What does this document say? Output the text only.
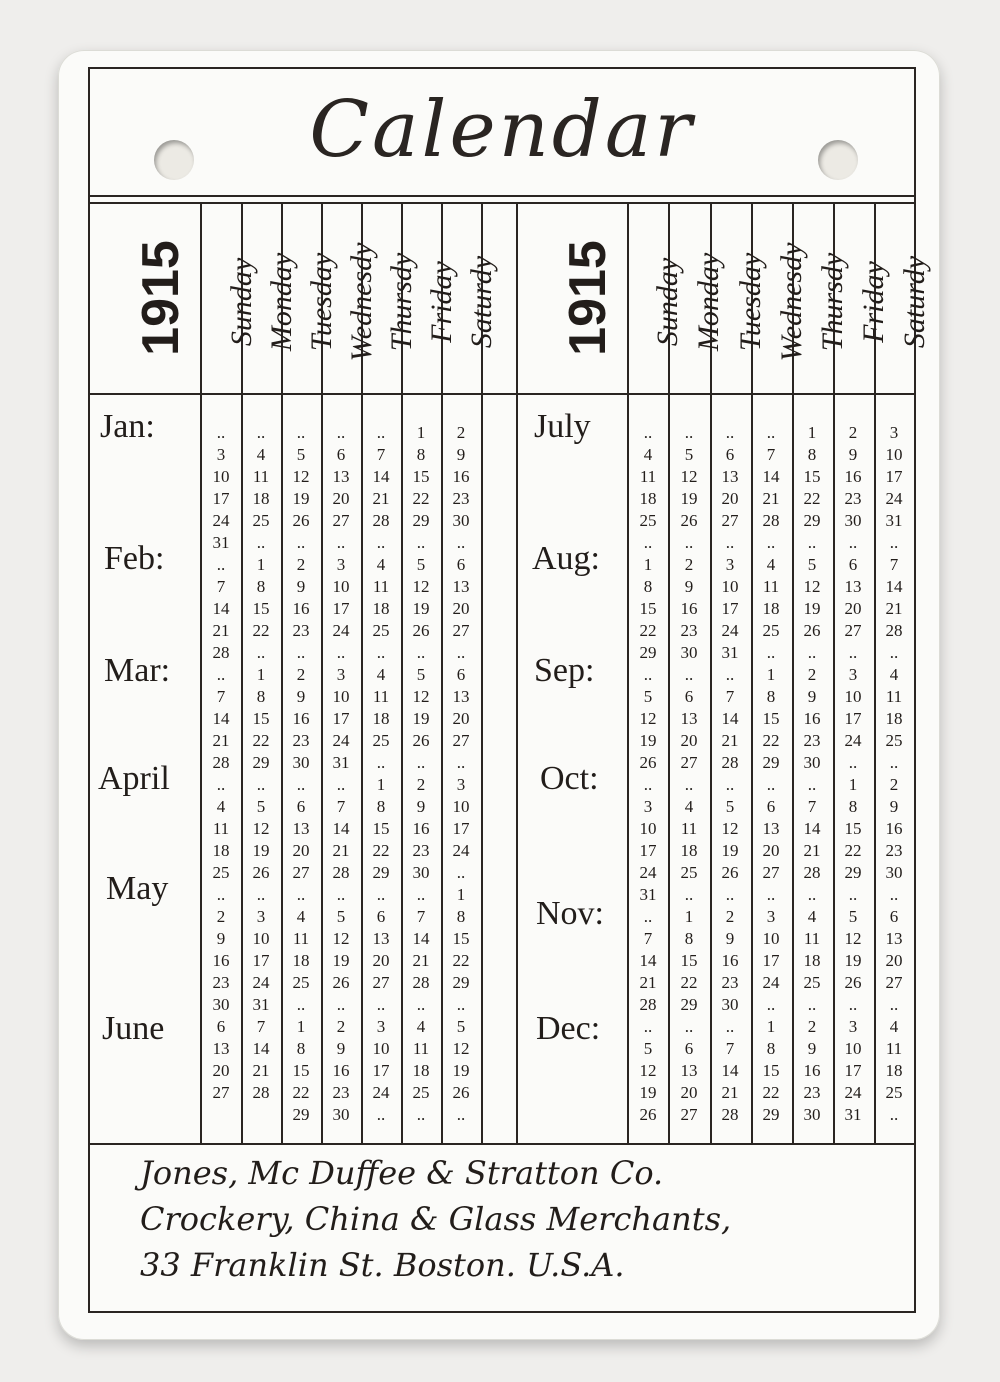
Calendar
1915	1915
Sunday Monday Tuesday Wednesdy Thursdy Friday Saturdy	Sunday Monday Tuesday Wednesdy Thursdy Friday Saturdy
Jan:
Feb:
Mar:
April
May
June
July
Aug:
Sep:
Oct:
Nov:
Dec:
..
3
10
17
24
31
..
7
14
21
28
..
7
14
21
28
..
4
11
18
25
..
2
9
16
23
30
6
13
20
27
..
4
11
18
25
..
1
8
15
22
..
1
8
15
22
29
..
5
12
19
26
..
3
10
17
24
31
7
14
21
28
..
5
12
19
26
..
2
9
16
23
..
2
9
16
23
30
..
6
13
20
27
..
4
11
18
25
..
1
8
15
22
29
..
6
13
20
27
..
3
10
17
24
..
3
10
17
24
31
..
7
14
21
28
..
5
12
19
26
..
2
9
16
23
30
..
7
14
21
28
..
4
11
18
25
..
4
11
18
25
..
1
8
15
22
29
..
6
13
20
27
..
3
10
17
24
..
1
8
15
22
29
..
5
12
19
26
..
5
12
19
26
..
2
9
16
23
30
..
7
14
21
28
..
4
11
18
25
..
2
9
16
23
30
..
6
13
20
27
..
6
13
20
27
..
3
10
17
24
..
1
8
15
22
29
..
5
12
19
26
..
..
4
11
18
25
..
1
8
15
22
29
..
5
12
19
26
..
3
10
17
24
31
..
7
14
21
28
..
5
12
19
26
..
5
12
19
26
..
2
9
16
23
30
..
6
13
20
27
..
4
11
18
25
..
1
8
15
22
29
..
6
13
20
27
..
6
13
20
27
..
3
10
17
24
31
..
7
14
21
28
..
5
12
19
26
..
2
9
16
23
30
..
7
14
21
28
..
7
14
21
28
..
4
11
18
25
..
1
8
15
22
29
..
6
13
20
27
..
3
10
17
24
..
1
8
15
22
29
1
8
15
22
29
..
5
12
19
26
..
2
9
16
23
30
..
7
14
21
28
..
4
11
18
25
..
2
9
16
23
30
2
9
16
23
30
..
6
13
20
27
..
3
10
17
24
..
1
8
15
22
29
..
5
12
19
26
..
3
10
17
24
31
3
10
17
24
31
..
7
14
21
28
..
4
11
18
25
..
2
9
16
23
30
..
6
13
20
27
..
4
11
18
25
..
Jones, Mc Duffee & Stratton Co.
Crockery, China & Glass Merchants,
33 Franklin St. Boston. U.S.A.
